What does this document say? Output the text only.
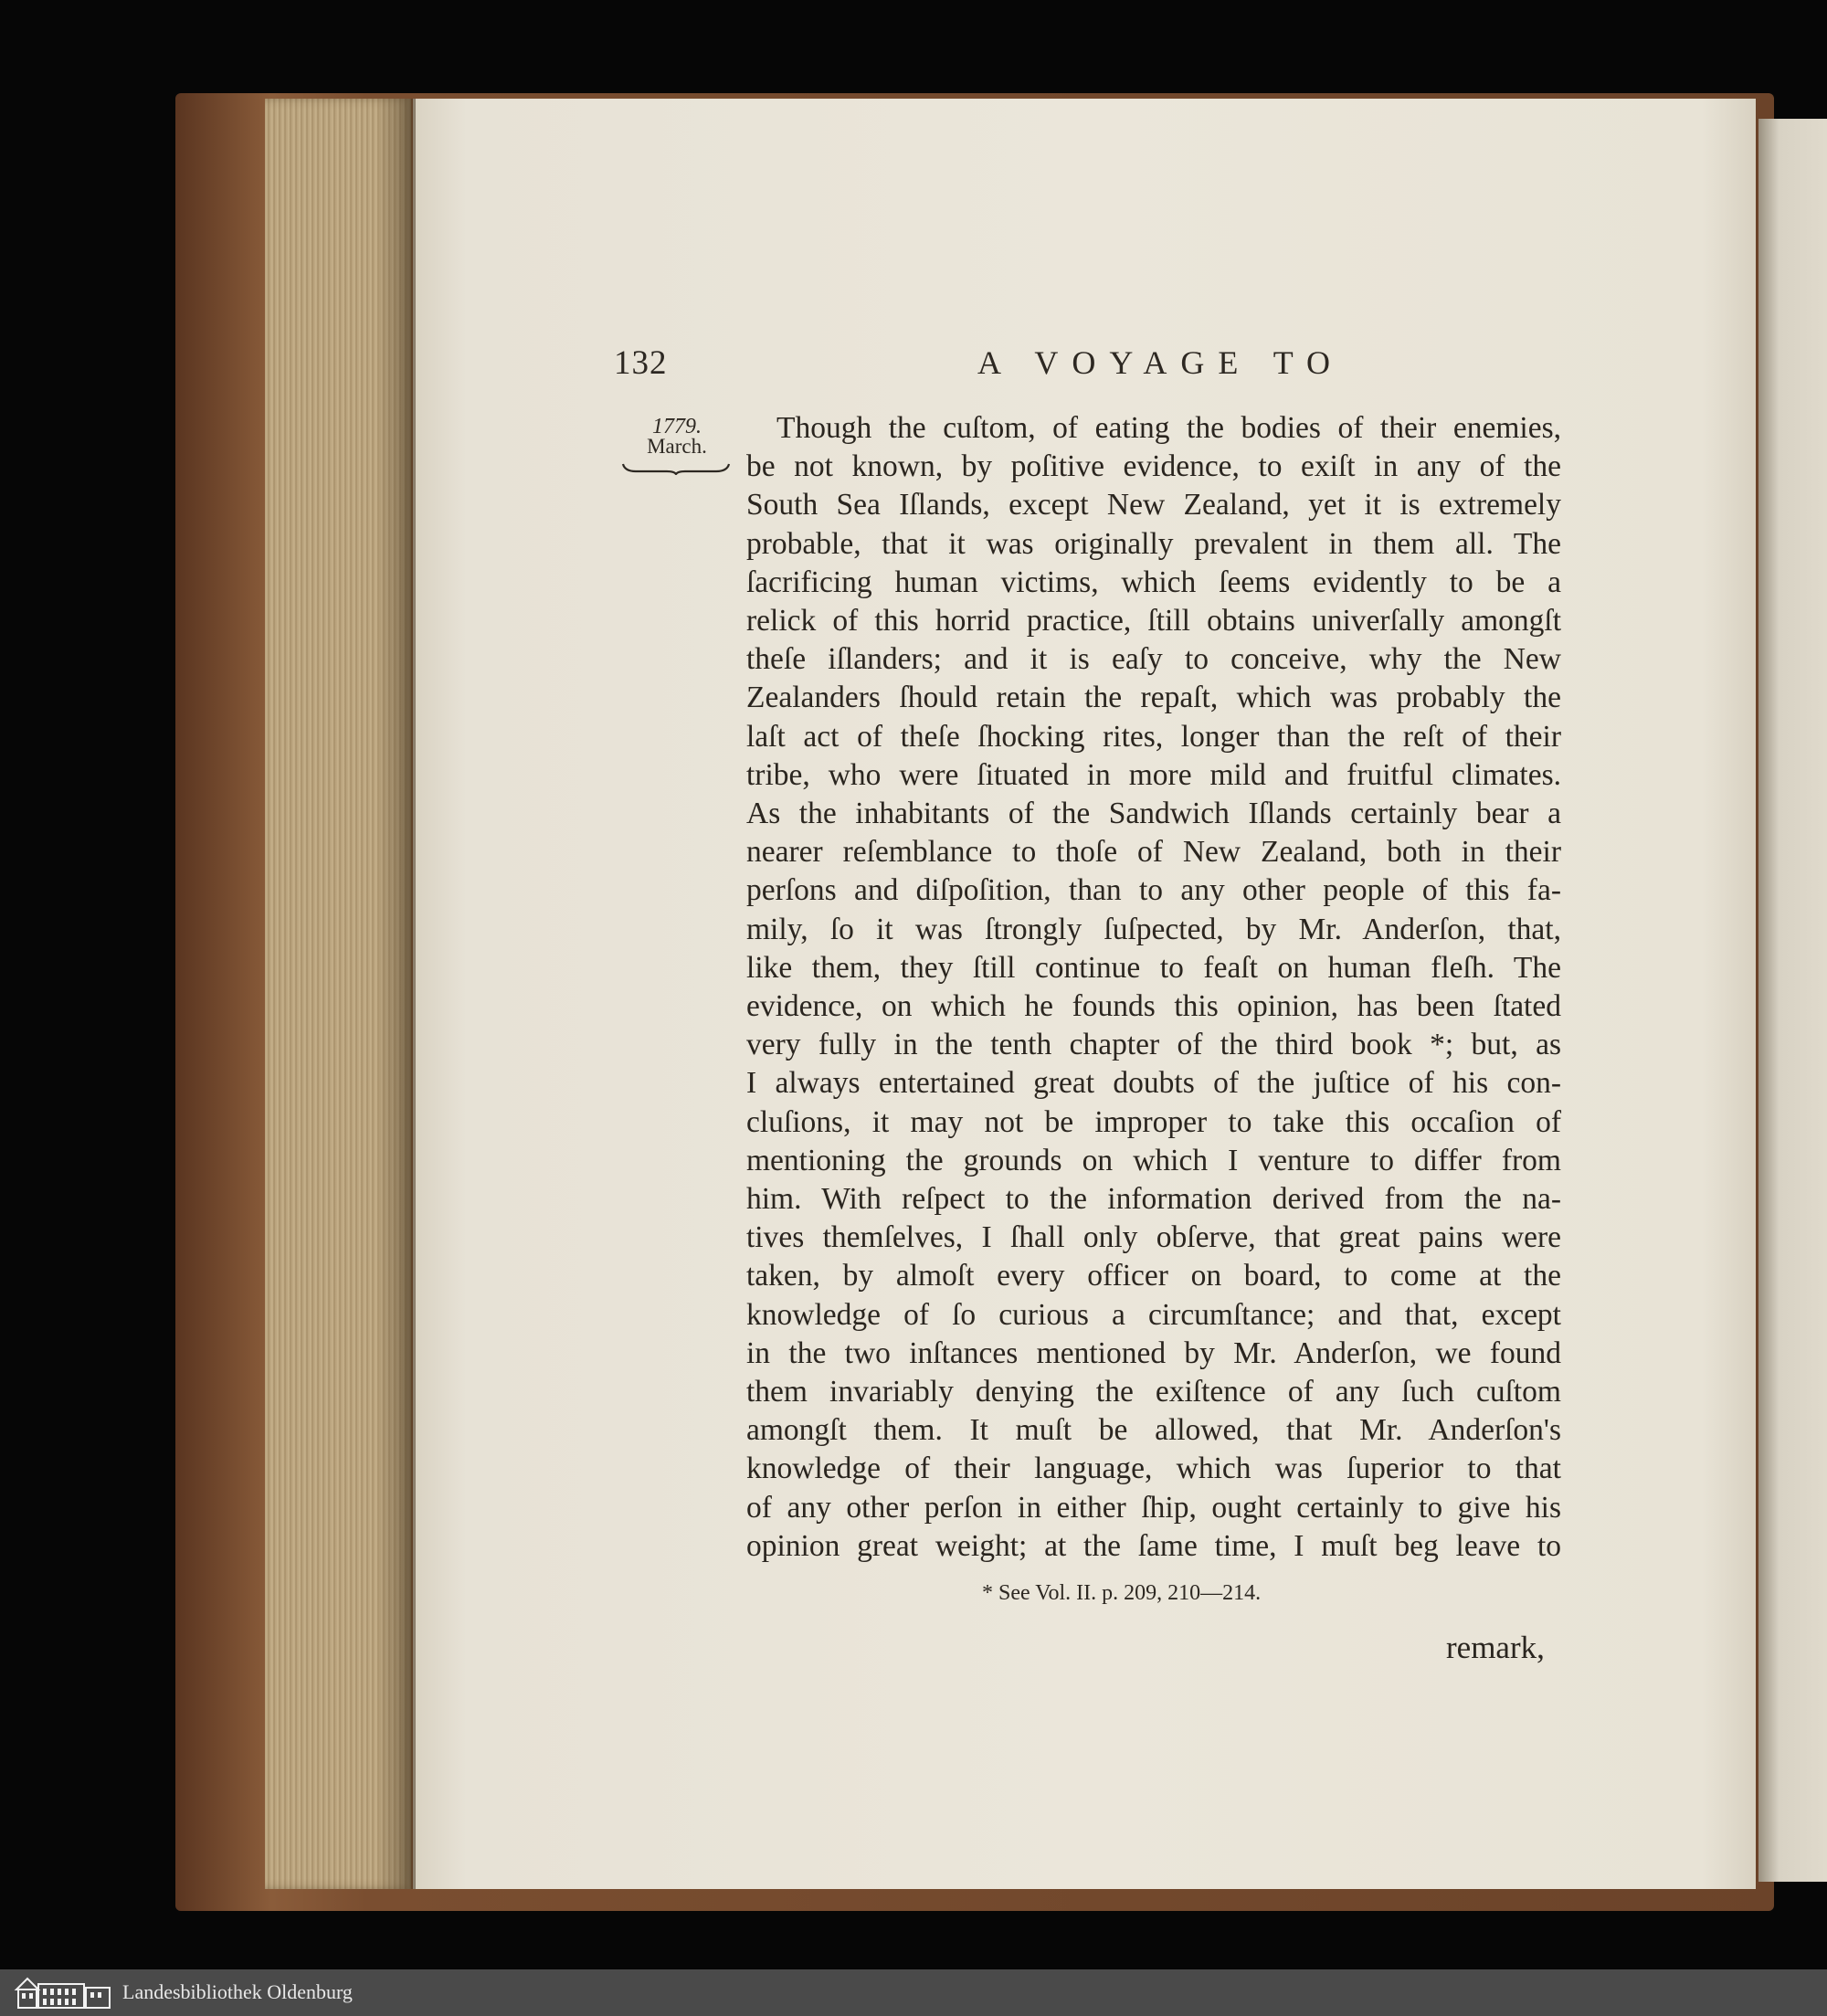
132	A VOYAGE TO
1779.
March.
Though the cuſtom, of eating the bodies of their enemies,
be not known, by poſitive evidence, to exiſt in any of the
South Sea Iſlands, except New Zealand, yet it is extremely
probable, that it was originally prevalent in them all. The
ſacrificing human victims, which ſeems evidently to be a
relick of this horrid practice, ſtill obtains univerſally amongſt
theſe iſlanders; and it is eaſy to conceive, why the New
Zealanders ſhould retain the repaſt, which was probably the
laſt act of theſe ſhocking rites, longer than the reſt of their
tribe, who were ſituated in more mild and fruitful climates.
As the inhabitants of the Sandwich Iſlands certainly bear a
nearer reſemblance to thoſe of New Zealand, both in their
perſons and diſpoſition, than to any other people of this fa-
mily, ſo it was ſtrongly ſuſpected, by Mr. Anderſon, that,
like them, they ſtill continue to feaſt on human fleſh. The
evidence, on which he founds this opinion, has been ſtated
very fully in the tenth chapter of the third book *; but, as
I always entertained great doubts of the juſtice of his con-
cluſions, it may not be improper to take this occaſion of
mentioning the grounds on which I venture to differ from
him. With reſpect to the information derived from the na-
tives themſelves, I ſhall only obſerve, that great pains were
taken, by almoſt every officer on board, to come at the
knowledge of ſo curious a circumſtance; and that, except
in the two inſtances mentioned by Mr. Anderſon, we found
them invariably denying the exiſtence of any ſuch cuſtom
amongſt them. It muſt be allowed, that Mr. Anderſon's
knowledge of their language, which was ſuperior to that
of any other perſon in either ſhip, ought certainly to give his
opinion great weight; at the ſame time, I muſt beg leave to
* See Vol. II. p. 209, 210—214.
remark,
Landesbibliothek Oldenburg
